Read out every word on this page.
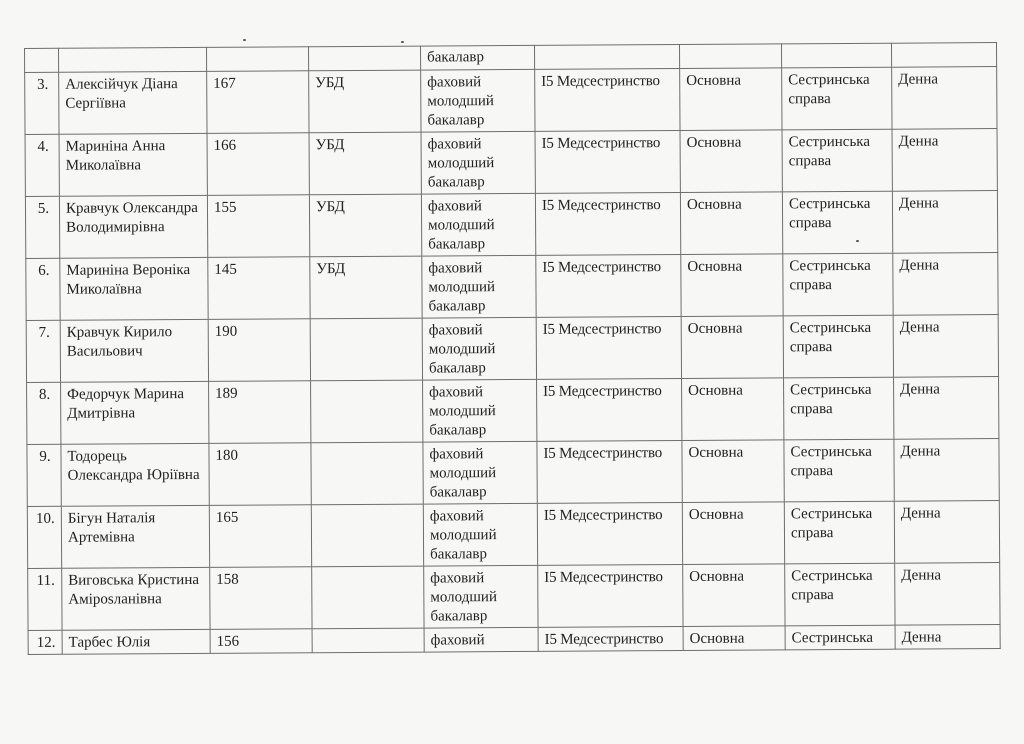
				бакалавр				
3.	Алексійчук Діана Сергіївна	167	УБД	фаховий молодший бакалавр	І5 Медсестринство	Основна	Сестринська справа	Денна
4.	Мариніна Анна Миколаївна	166	УБД	фаховий молодший бакалавр	І5 Медсестринство	Основна	Сестринська справа	Денна
5.	Кравчук Олександра Володимирівна	155	УБД	фаховий молодший бакалавр	І5 Медсестринство	Основна	Сестринська справа	Денна
6.	Мариніна Вероніка Миколаївна	145	УБД	фаховий молодший бакалавр	І5 Медсестринство	Основна	Сестринська справа	Денна
7.	Кравчук Кирило Васильович	190		фаховий молодший бакалавр	І5 Медсестринство	Основна	Сестринська справа	Денна
8.	Федорчук Марина Дмитрівна	189		фаховий молодший бакалавр	І5 Медсестринство	Основна	Сестринська справа	Денна
9.	Тодорець Олександра Юріївна	180		фаховий молодший бакалавр	І5 Медсестринство	Основна	Сестринська справа	Денна
10.	Бігун Наталія Артемівна	165		фаховий молодший бакалавр	І5 Медсестринство	Основна	Сестринська справа	Денна
11.	Виговська Кристина Амірosланівна	158		фаховий молодший бакалавр	І5 Медсестринство	Основна	Сестринська справа	Денна
12.	Тарбес Юлія	156		фаховий	І5 Медсестринство	Основна	Сестринська	Денна
